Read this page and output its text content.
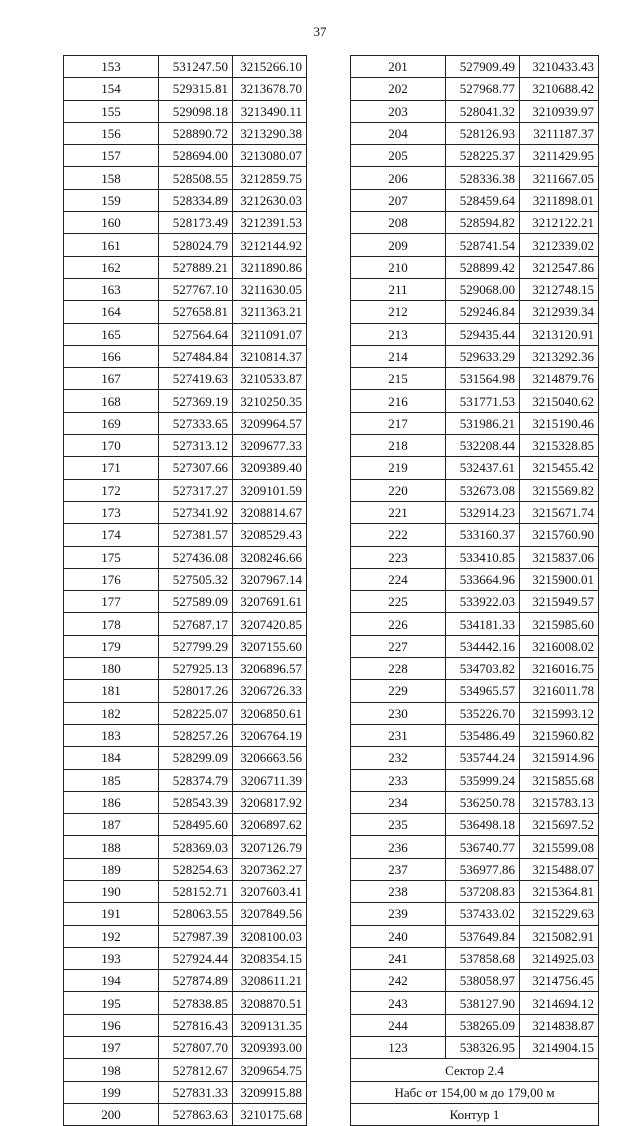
37
153	531247.50	3215266.10
154	529315.81	3213678.70
155	529098.18	3213490.11
156	528890.72	3213290.38
157	528694.00	3213080.07
158	528508.55	3212859.75
159	528334.89	3212630.03
160	528173.49	3212391.53
161	528024.79	3212144.92
162	527889.21	3211890.86
163	527767.10	3211630.05
164	527658.81	3211363.21
165	527564.64	3211091.07
166	527484.84	3210814.37
167	527419.63	3210533.87
168	527369.19	3210250.35
169	527333.65	3209964.57
170	527313.12	3209677.33
171	527307.66	3209389.40
172	527317.27	3209101.59
173	527341.92	3208814.67
174	527381.57	3208529.43
175	527436.08	3208246.66
176	527505.32	3207967.14
177	527589.09	3207691.61
178	527687.17	3207420.85
179	527799.29	3207155.60
180	527925.13	3206896.57
181	528017.26	3206726.33
182	528225.07	3206850.61
183	528257.26	3206764.19
184	528299.09	3206663.56
185	528374.79	3206711.39
186	528543.39	3206817.92
187	528495.60	3206897.62
188	528369.03	3207126.79
189	528254.63	3207362.27
190	528152.71	3207603.41
191	528063.55	3207849.56
192	527987.39	3208100.03
193	527924.44	3208354.15
194	527874.89	3208611.21
195	527838.85	3208870.51
196	527816.43	3209131.35
197	527807.70	3209393.00
198	527812.67	3209654.75
199	527831.33	3209915.88
200	527863.63	3210175.68
201	527909.49	3210433.43
202	527968.77	3210688.42
203	528041.32	3210939.97
204	528126.93	3211187.37
205	528225.37	3211429.95
206	528336.38	3211667.05
207	528459.64	3211898.01
208	528594.82	3212122.21
209	528741.54	3212339.02
210	528899.42	3212547.86
211	529068.00	3212748.15
212	529246.84	3212939.34
213	529435.44	3213120.91
214	529633.29	3213292.36
215	531564.98	3214879.76
216	531771.53	3215040.62
217	531986.21	3215190.46
218	532208.44	3215328.85
219	532437.61	3215455.42
220	532673.08	3215569.82
221	532914.23	3215671.74
222	533160.37	3215760.90
223	533410.85	3215837.06
224	533664.96	3215900.01
225	533922.03	3215949.57
226	534181.33	3215985.60
227	534442.16	3216008.02
228	534703.82	3216016.75
229	534965.57	3216011.78
230	535226.70	3215993.12
231	535486.49	3215960.82
232	535744.24	3215914.96
233	535999.24	3215855.68
234	536250.78	3215783.13
235	536498.18	3215697.52
236	536740.77	3215599.08
237	536977.86	3215488.07
238	537208.83	3215364.81
239	537433.02	3215229.63
240	537649.84	3215082.91
241	537858.68	3214925.03
242	538058.97	3214756.45
243	538127.90	3214694.12
244	538265.09	3214838.87
123	538326.95	3214904.15
Сектор 2.4		
Набс от 154,00 м до 179,00 м		
Контур 1		
